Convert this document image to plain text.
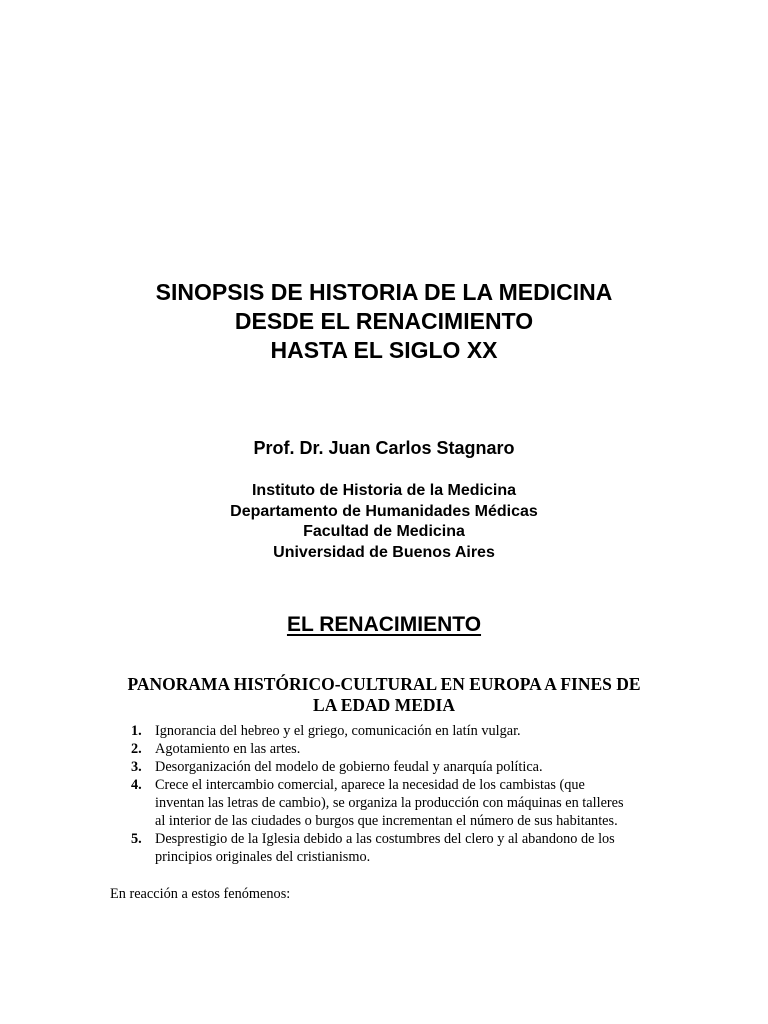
SINOPSIS DE HISTORIA DE LA MEDICINA
DESDE EL RENACIMIENTO
HASTA EL SIGLO XX
Prof. Dr. Juan Carlos Stagnaro
Instituto de Historia de la Medicina
Departamento de Humanidades Médicas
Facultad de Medicina
Universidad de Buenos Aires
EL RENACIMIENTO
PANORAMA HISTÓRICO-CULTURAL EN EUROPA A FINES DE
LA EDAD MEDIA
1. Ignorancia del hebreo y el griego, comunicación en latín vulgar.
2. Agotamiento en las artes.
3. Desorganización del modelo de gobierno feudal y anarquía política.
4. Crece el intercambio comercial, aparece la necesidad de los cambistas (que
inventan las letras de cambio), se organiza la producción con máquinas en talleres
al interior de las ciudades o burgos que incrementan el número de sus habitantes.
5. Desprestigio de la Iglesia debido a las costumbres del clero y al abandono de los
principios originales del cristianismo.
En reacción a estos fenómenos:
